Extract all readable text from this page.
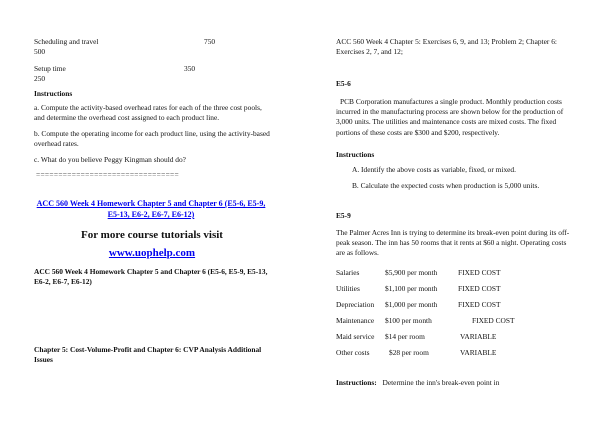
Scheduling and travel	750
500
Setup time	350
250

Instructions

a. Compute the activity-based overhead rates for each of the three cost pools, and determine the overhead cost assigned to each product line.

b. Compute the operating income for each product line, using the activity-based overhead rates.

c. What do you believe Peggy Kingman should do?

================================

ACC 560 Week 4 Homework Chapter 5 and Chapter 6 (E5-6, E5-9, E5-13, E6-2, E6-7, E6-12)

For more course tutorials visit

www.uophelp.com

ACC 560 Week 4 Homework Chapter 5 and Chapter 6 (E5-6, E5-9, E5-13, E6-2, E6-7, E6-12)

Chapter 5: Cost-Volume-Profit and Chapter 6: CVP Analysis Additional Issues

ACC 560 Week 4 Chapter 5: Exercises 6, 9, and 13; Problem 2; Chapter 6: Exercises 2, 7, and 12;

E5-6

PCB Corporation manufactures a single product. Monthly production costs incurred in the manufacturing process are shown below for the production of 3,000 units. The utilities and maintenance costs are mixed costs. The fixed portions of these costs are $300 and $200, respectively.

Instructions

A. Identify the above costs as variable, fixed, or mixed.

B. Calculate the expected costs when production is 5,000 units.

E5-9

The Palmer Acres Inn is trying to determine its break-even point during its off-peak season. The inn has 50 rooms that it rents at $60 a night. Operating costs are as follows.

Salaries	$5,900 per month	FIXED COST
Utilities	$1,100 per month	FIXED COST
Depreciation $1,000 per month	FIXED COST
Maintenance $100 per month	FIXED COST
Maid service $14 per room	VARIABLE
Other costs	$28 per room	VARIABLE

Instructions: Determine the inn's break-even point in
